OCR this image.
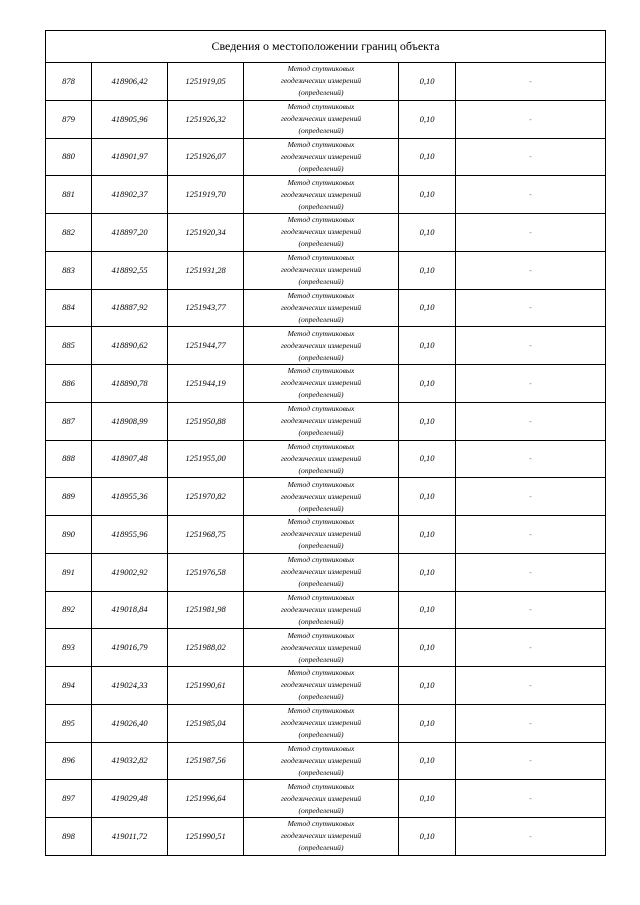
Сведения о местоположении границ объекта
878	418906,42	1251919,05	Метод спутниковых
геодезических измерений
(определений)	0,10	-
879	418905,96	1251926,32	Метод спутниковых
геодезических измерений
(определений)	0,10	-
880	418901,97	1251926,07	Метод спутниковых
геодезических измерений
(определений)	0,10	-
881	418902,37	1251919,70	Метод спутниковых
геодезических измерений
(определений)	0,10	-
882	418897,20	1251920,34	Метод спутниковых
геодезических измерений
(определений)	0,10	-
883	418892,55	1251931,28	Метод спутниковых
геодезических измерений
(определений)	0,10	-
884	418887,92	1251943,77	Метод спутниковых
геодезических измерений
(определений)	0,10	-
885	418890,62	1251944,77	Метод спутниковых
геодезических измерений
(определений)	0,10	-
886	418890,78	1251944,19	Метод спутниковых
геодезических измерений
(определений)	0,10	-
887	418908,99	1251950,88	Метод спутниковых
геодезических измерений
(определений)	0,10	-
888	418907,48	1251955,00	Метод спутниковых
геодезических измерений
(определений)	0,10	-
889	418955,36	1251970,82	Метод спутниковых
геодезических измерений
(определений)	0,10	-
890	418955,96	1251968,75	Метод спутниковых
геодезических измерений
(определений)	0,10	-
891	419002,92	1251976,58	Метод спутниковых
геодезических измерений
(определений)	0,10	-
892	419018,84	1251981,98	Метод спутниковых
геодезических измерений
(определений)	0,10	-
893	419016,79	1251988,02	Метод спутниковых
геодезических измерений
(определений)	0,10	-
894	419024,33	1251990,61	Метод спутниковых
геодезических измерений
(определений)	0,10	-
895	419026,40	1251985,04	Метод спутниковых
геодезических измерений
(определений)	0,10	-
896	419032,82	1251987,56	Метод спутниковых
геодезических измерений
(определений)	0,10	-
897	419029,48	1251996,64	Метод спутниковых
геодезических измерений
(определений)	0,10	-
898	419011,72	1251990,51	Метод спутниковых
геодезических измерений
(определений)	0,10	-
